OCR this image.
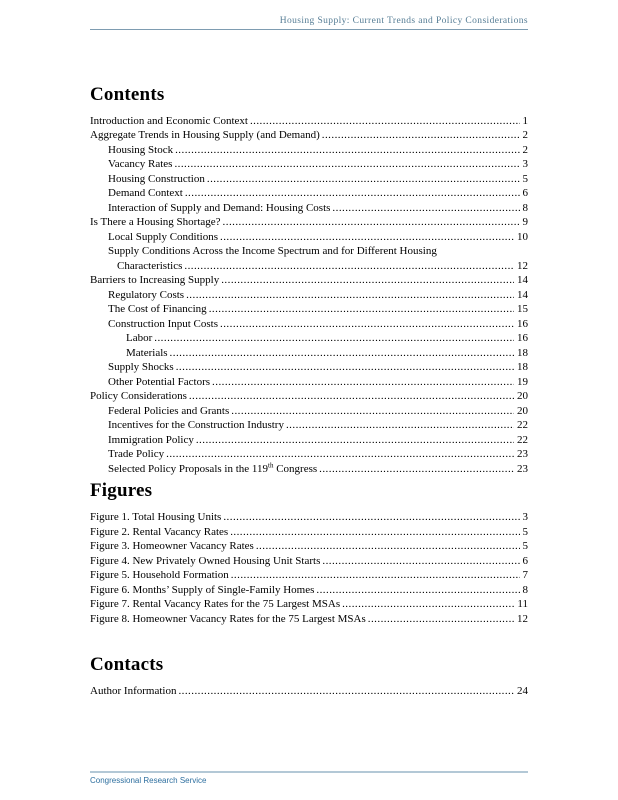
Housing Supply: Current Trends and Policy Considerations
Contents
Introduction and Economic Context .....	1
Aggregate Trends in Housing Supply (and Demand) .....	2
Housing Stock .....	2
Vacancy Rates .....	3
Housing Construction .....	5
Demand Context .....	6
Interaction of Supply and Demand: Housing Costs .....	8
Is There a Housing Shortage? .....	9
Local Supply Conditions .....	10
Supply Conditions Across the Income Spectrum and for Different Housing
Characteristics .....	12
Barriers to Increasing Supply .....	14
Regulatory Costs .....	14
The Cost of Financing .....	15
Construction Input Costs .....	16
Labor .....	16
Materials .....	18
Supply Shocks .....	18
Other Potential Factors .....	19
Policy Considerations .....	20
Federal Policies and Grants .....	20
Incentives for the Construction Industry .....	22
Immigration Policy .....	22
Trade Policy .....	23
Selected Policy Proposals in the 119th Congress .....	23
Figures
Figure 1. Total Housing Units .....	3
Figure 2. Rental Vacancy Rates .....	5
Figure 3. Homeowner Vacancy Rates .....	5
Figure 4. New Privately Owned Housing Unit Starts .....	6
Figure 5. Household Formation .....	7
Figure 6. Months’ Supply of Single-Family Homes .....	8
Figure 7. Rental Vacancy Rates for the 75 Largest MSAs .....	11
Figure 8. Homeowner Vacancy Rates for the 75 Largest MSAs .....	12
Contacts
Author Information .....	24
Congressional Research Service
